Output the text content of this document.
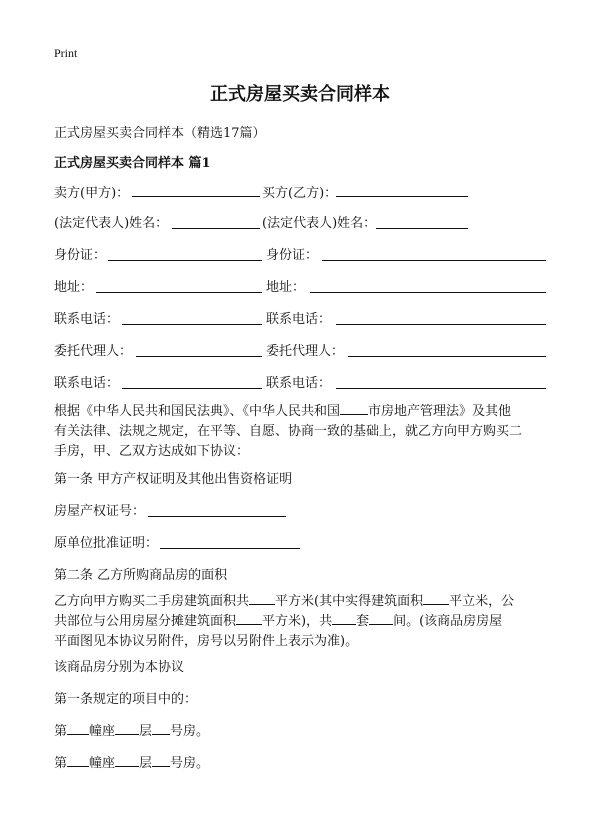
Print
正式房屋买卖合同样本
正式房屋买卖合同样本（精选17篇）
正式房屋买卖合同样本 篇1
卖方(甲方)：	买方(乙方)：
(法定代表人)姓名：	(法定代表人)姓名：
身份证：	身份证：
地址：	地址：
联系电话：	联系电话：
委托代理人：	委托代理人：
联系电话：	联系电话：
根据《中华人民共和国民法典》、《中华人民共和国 市房地产管理法》及其他
有关法律、法规之规定，在平等、自愿、协商一致的基础上，就乙方向甲方购买二
手房，甲、乙双方达成如下协议：
第一条 甲方产权证明及其他出售资格证明
房屋产权证号：
原单位批准证明：
第二条 乙方所购商品房的面积
乙方向甲方购买二手房建筑面积共 平方米(其中实得建筑面积 平立米，公
共部位与公用房屋分摊建筑面积 平方米)，共 套 间。(该商品房房屋
平面图见本协议另附件，房号以另附件上表示为准)。
该商品房分别为本协议
第一条规定的项目中的：
第 幢座 层 号房。
第 幢座 层 号房。
